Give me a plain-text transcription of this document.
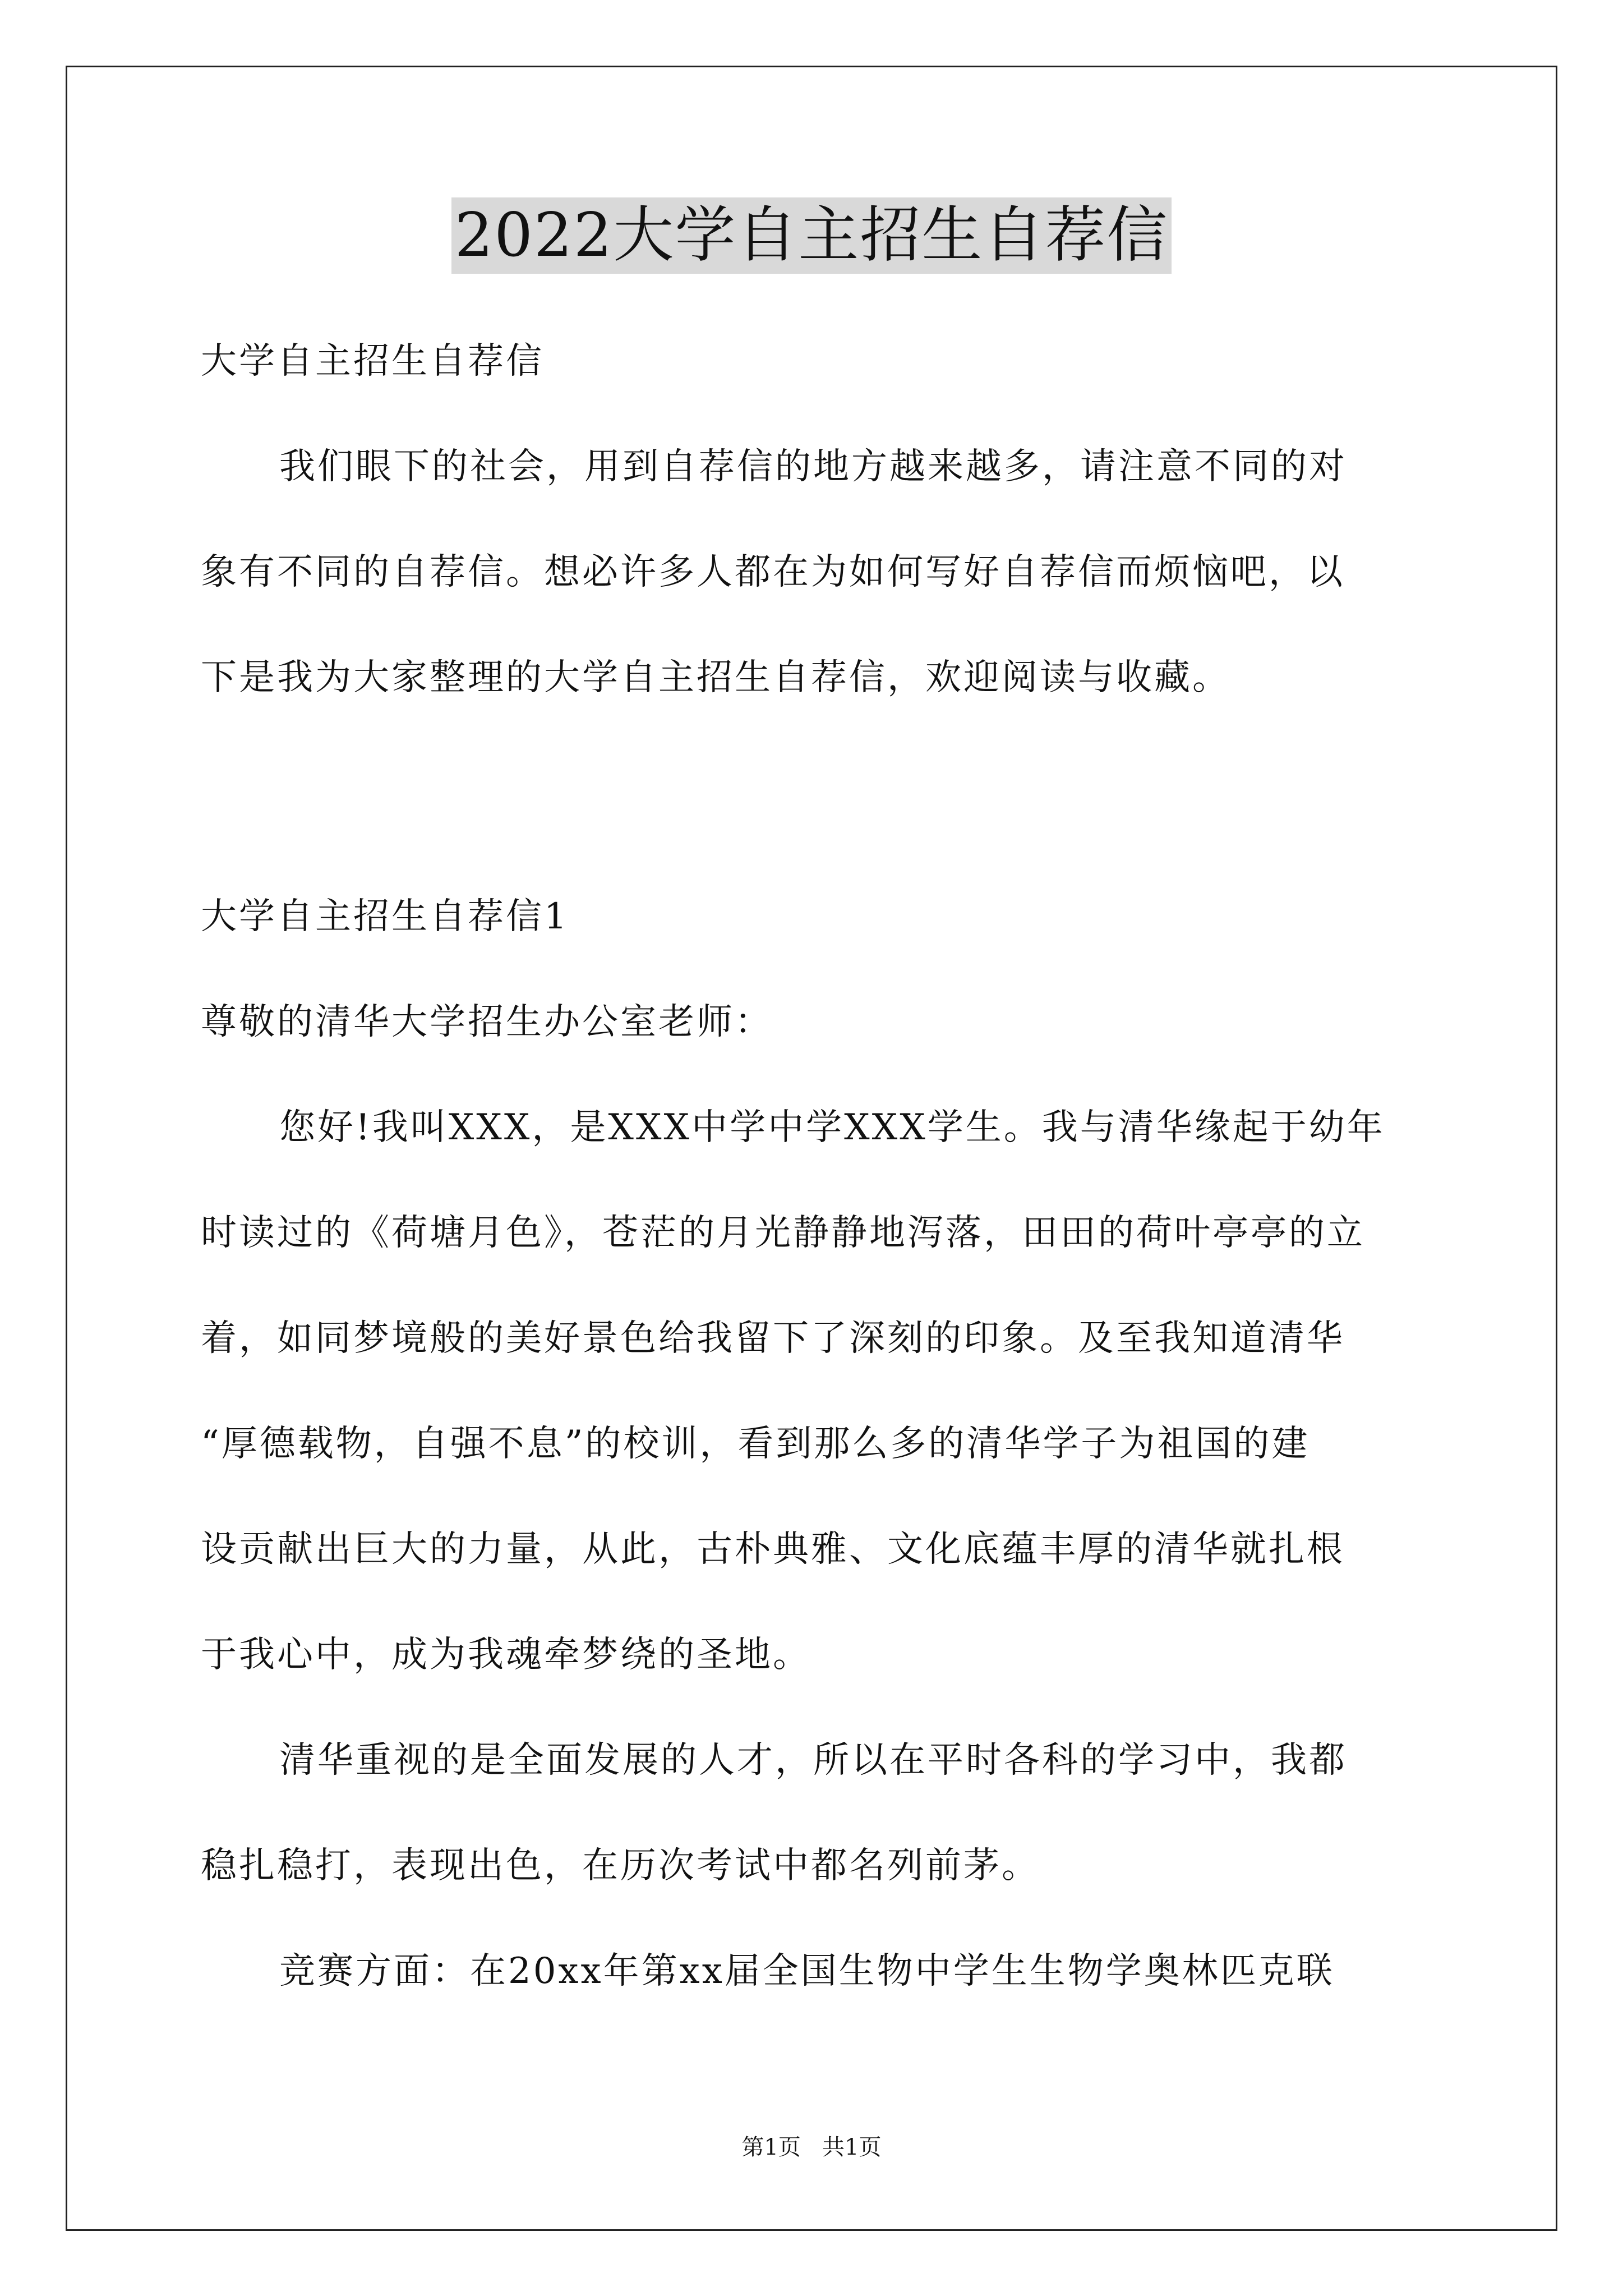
2022大学自主招生自荐信

大学自主招生自荐信

我们眼下的社会，用到自荐信的地方越来越多，请注意不同的对
象有不同的自荐信。想必许多人都在为如何写好自荐信而烦恼吧，以
下是我为大家整理的大学自主招生自荐信，欢迎阅读与收藏。

大学自主招生自荐信1

尊敬的清华大学招生办公室老师：

您好!我叫XXX，是XXX中学中学XXX学生。我与清华缘起于幼年
时读过的《荷塘月色》，苍茫的月光静静地泻落，田田的荷叶亭亭的立
着，如同梦境般的美好景色给我留下了深刻的印象。及至我知道清华
“厚德载物，自强不息”的校训，看到那么多的清华学子为祖国的建
设贡献出巨大的力量，从此，古朴典雅、文化底蕴丰厚的清华就扎根
于我心中，成为我魂牵梦绕的圣地。

清华重视的是全面发展的人才，所以在平时各科的学习中，我都
稳扎稳打，表现出色，在历次考试中都名列前茅。

竞赛方面：在20xx年第xx届全国生物中学生生物学奥林匹克联

第1页   共1页
